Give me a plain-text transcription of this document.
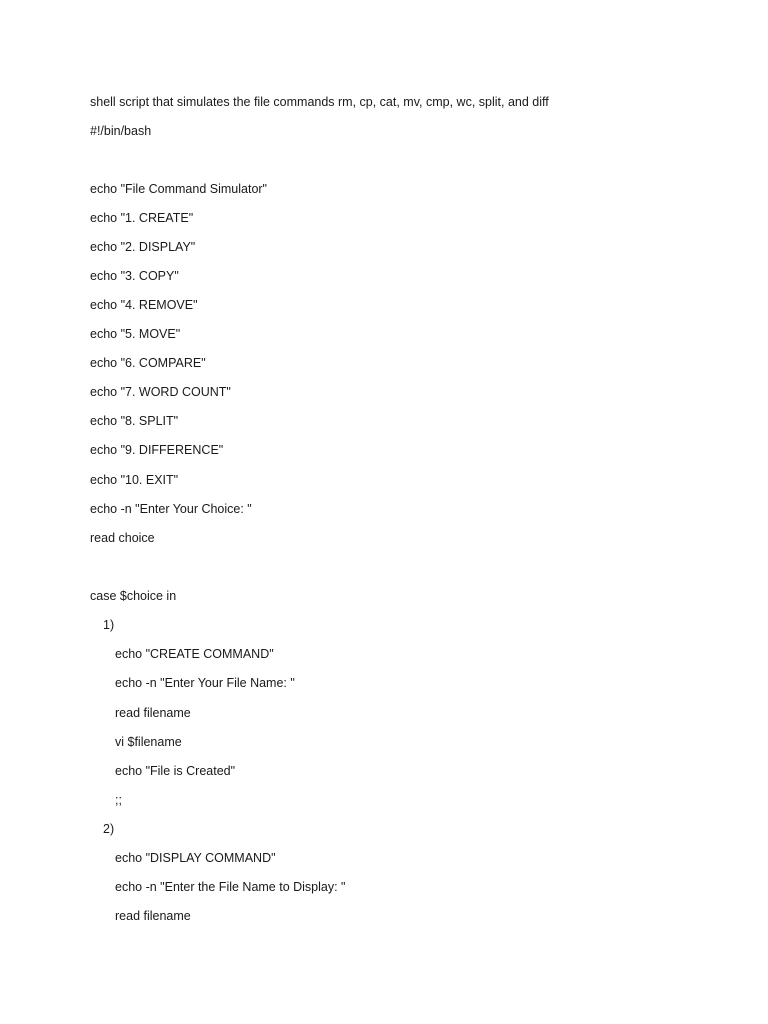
shell script that simulates the file commands rm, cp, cat, mv, cmp, wc, split, and diff
#!/bin/bash
echo "File Command Simulator"
echo "1. CREATE"
echo "2. DISPLAY"
echo "3. COPY"
echo "4. REMOVE"
echo "5. MOVE"
echo "6. COMPARE"
echo "7. WORD COUNT"
echo "8. SPLIT"
echo "9. DIFFERENCE"
echo "10. EXIT"
echo -n "Enter Your Choice: "
read choice
case $choice in
1)
echo "CREATE COMMAND"
echo -n "Enter Your File Name: "
read filename
vi $filename
echo "File is Created"
;;
2)
echo "DISPLAY COMMAND"
echo -n "Enter the File Name to Display: "
read filename
